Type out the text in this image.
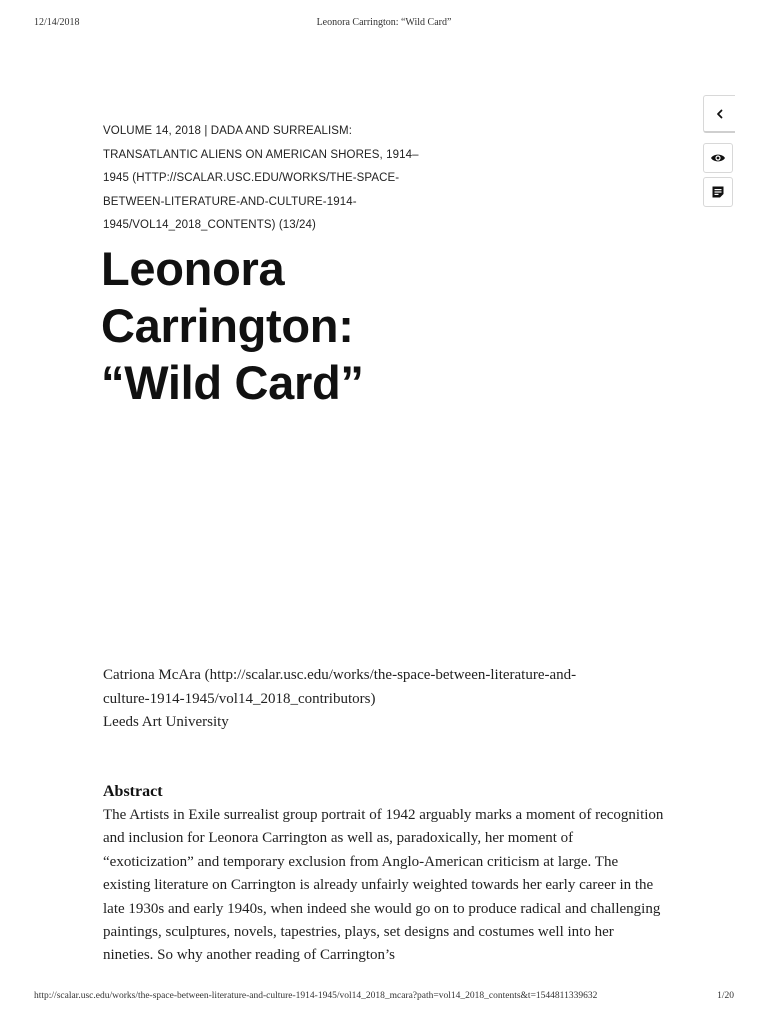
12/14/2018	Leonora Carrington: “Wild Card”
VOLUME 14, 2018 | DADA AND SURREALISM:
TRANSATLANTIC ALIENS ON AMERICAN SHORES, 1914–
1945 (HTTP://SCALAR.USC.EDU/WORKS/THE-SPACE-
BETWEEN-LITERATURE-AND-CULTURE-1914-
1945/VOL14_2018_CONTENTS) (13/24)
Leonora
Carrington:
“Wild Card”
Catriona McAra (http://scalar.usc.edu/works/the-space-between-literature-and-
culture-1914-1945/vol14_2018_contributors)
Leeds Art University
Abstract

The Artists in Exile surrealist group portrait of 1942 arguably marks a moment of recognition and inclusion for Leonora Carrington as well as, paradoxically, her moment of “exoticization” and temporary exclusion from Anglo-American criticism at large. The existing literature on Carrington is already unfairly weighted towards her early career in the late 1930s and early 1940s, when indeed she would go on to produce radical and challenging paintings, sculptures, novels, tapestries, plays, set designs and costumes well into her nineties. So why another reading of Carrington’s

http://scalar.usc.edu/works/the-space-between-literature-and-culture-1914-1945/vol14_2018_mcara?path=vol14_2018_contents&t=1544811339632	1/20
